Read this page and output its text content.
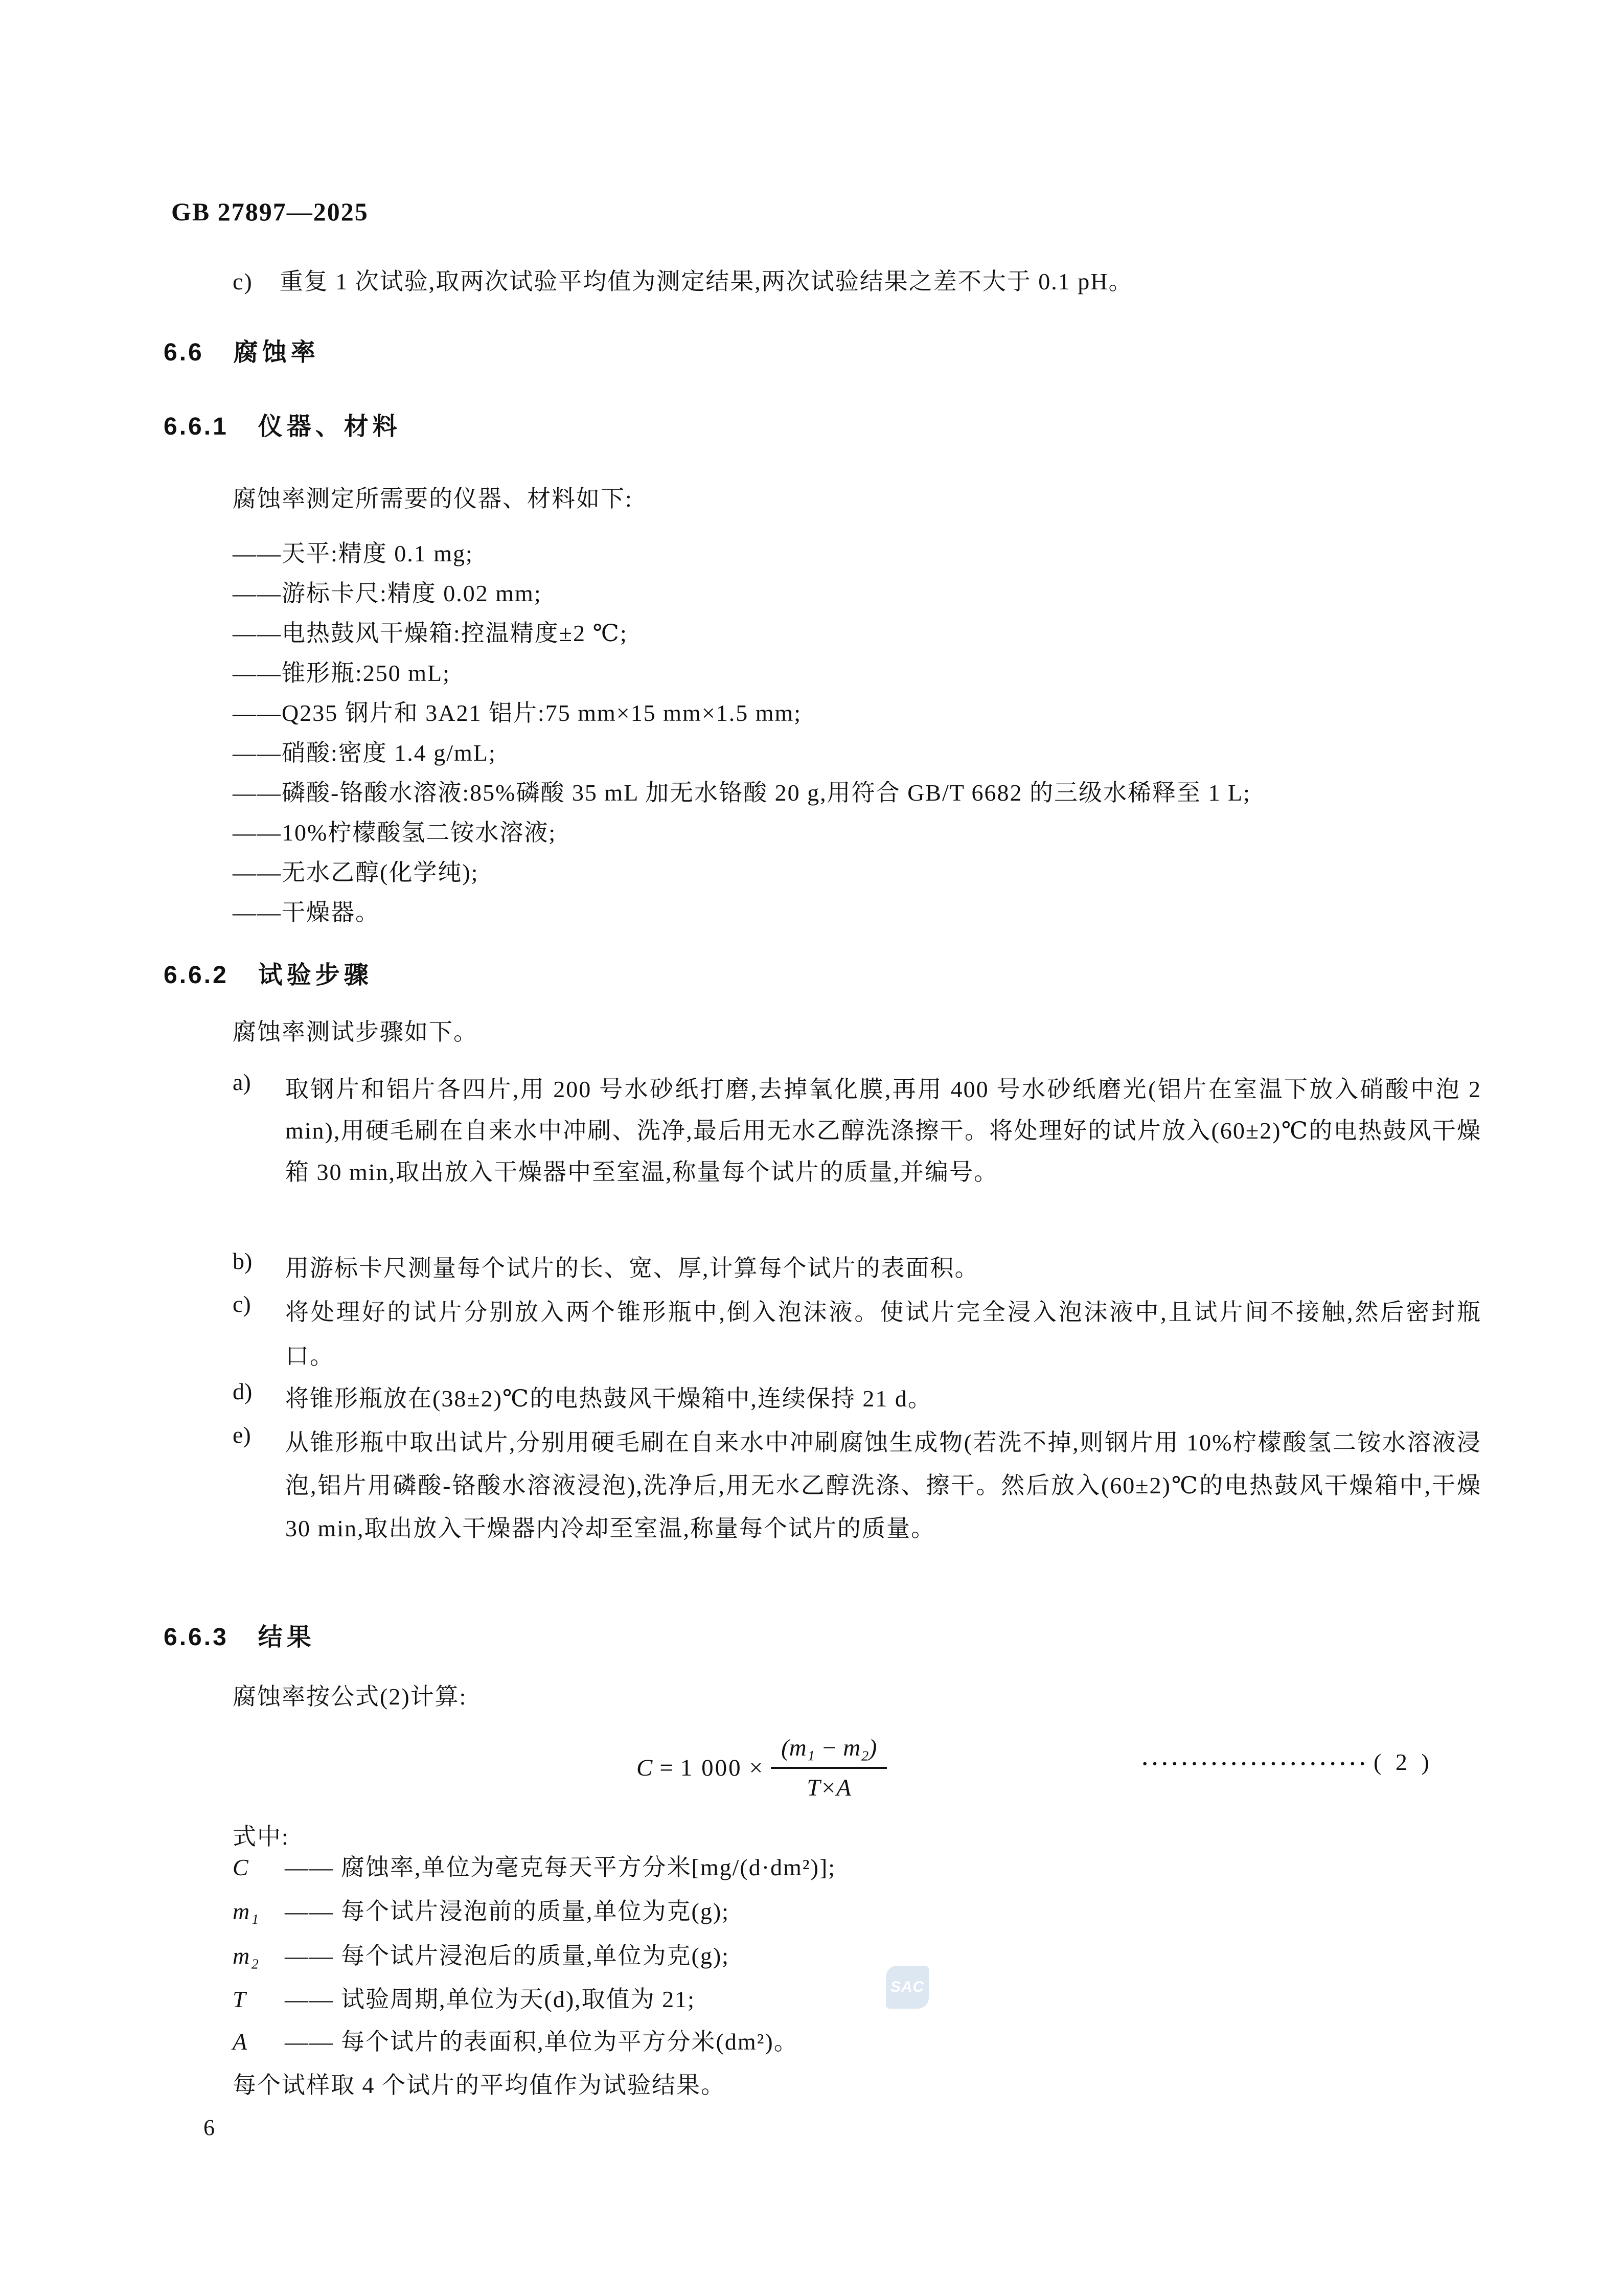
GB 27897—2025
c) 重复 1 次试验,取两次试验平均值为测定结果,两次试验结果之差不大于 0.1 pH。
6.6 腐蚀率
6.6.1 仪器、材料
腐蚀率测定所需要的仪器、材料如下:
——天平:精度 0.1 mg;
——游标卡尺:精度 0.02 mm;
——电热鼓风干燥箱:控温精度±2 ℃;
——锥形瓶:250 mL;
——Q235 钢片和 3A21 铝片:75 mm×15 mm×1.5 mm;
——硝酸:密度 1.4 g/mL;
——磷酸-铬酸水溶液:85%磷酸 35 mL 加无水铬酸 20 g,用符合 GB/T 6682 的三级水稀释至 1 L;
——10%柠檬酸氢二铵水溶液;
——无水乙醇(化学纯);
——干燥器。
6.6.2 试验步骤
腐蚀率测试步骤如下。
a) 取钢片和铝片各四片,用 200 号水砂纸打磨,去掉氧化膜,再用 400 号水砂纸磨光(铝片在室温下放入硝酸中泡 2 min),用硬毛刷在自来水中冲刷、洗净,最后用无水乙醇洗涤擦干。将处理好的试片放入(60±2)℃的电热鼓风干燥箱 30 min,取出放入干燥器中至室温,称量每个试片的质量,并编号。
b) 用游标卡尺测量每个试片的长、宽、厚,计算每个试片的表面积。
c) 将处理好的试片分别放入两个锥形瓶中,倒入泡沫液。使试片完全浸入泡沫液中,且试片间不接触,然后密封瓶口。
d) 将锥形瓶放在(38±2)℃的电热鼓风干燥箱中,连续保持 21 d。
e) 从锥形瓶中取出试片,分别用硬毛刷在自来水中冲刷腐蚀生成物(若洗不掉,则钢片用 10%柠檬酸氢二铵水溶液浸泡,铝片用磷酸-铬酸水溶液浸泡),洗净后,用无水乙醇洗涤、擦干。然后放入(60±2)℃的电热鼓风干燥箱中,干燥 30 min,取出放入干燥器内冷却至室温,称量每个试片的质量。
6.6.3 结果
腐蚀率按公式(2)计算:
C = 1 $000 \times \frac{\text{(m₁ − m₂)}}{T\times A}$	······················· ( 2 )
式中:
C	—— 腐蚀率,单位为毫克每天平方分米[mg/(d·dm²)];
m₁	—— 每个试片浸泡前的质量,单位为克(g);
m₂	—— 每个试片浸泡后的质量,单位为克(g);
T	—— 试验周期,单位为天(d),取值为 21;
A	—— 每个试片的表面积,单位为平方分米(dm²)。
每个试样取 4 个试片的平均值作为试验结果。
SAC
6
